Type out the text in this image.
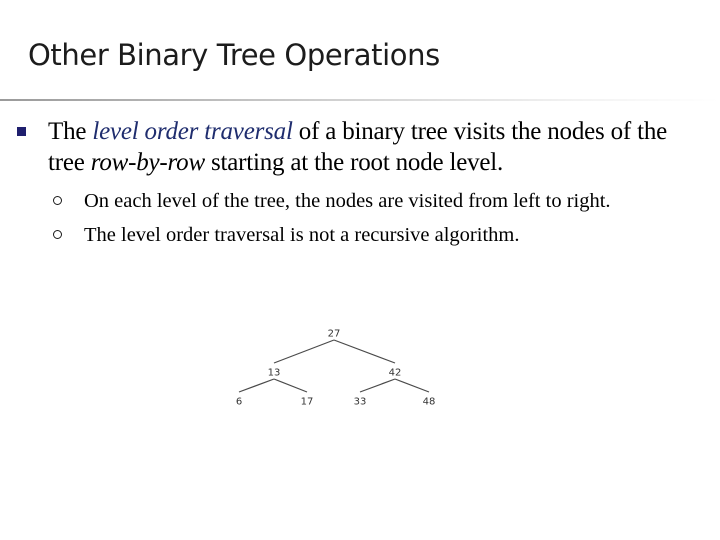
Other Binary Tree Operations
The level order traversal of a binary tree visits the nodes of the tree row-by-row starting at the root node level.
On each level of the tree, the nodes are visited from left to right.
The level order traversal is not a recursive algorithm.
27
13	42
6	17	33	48
